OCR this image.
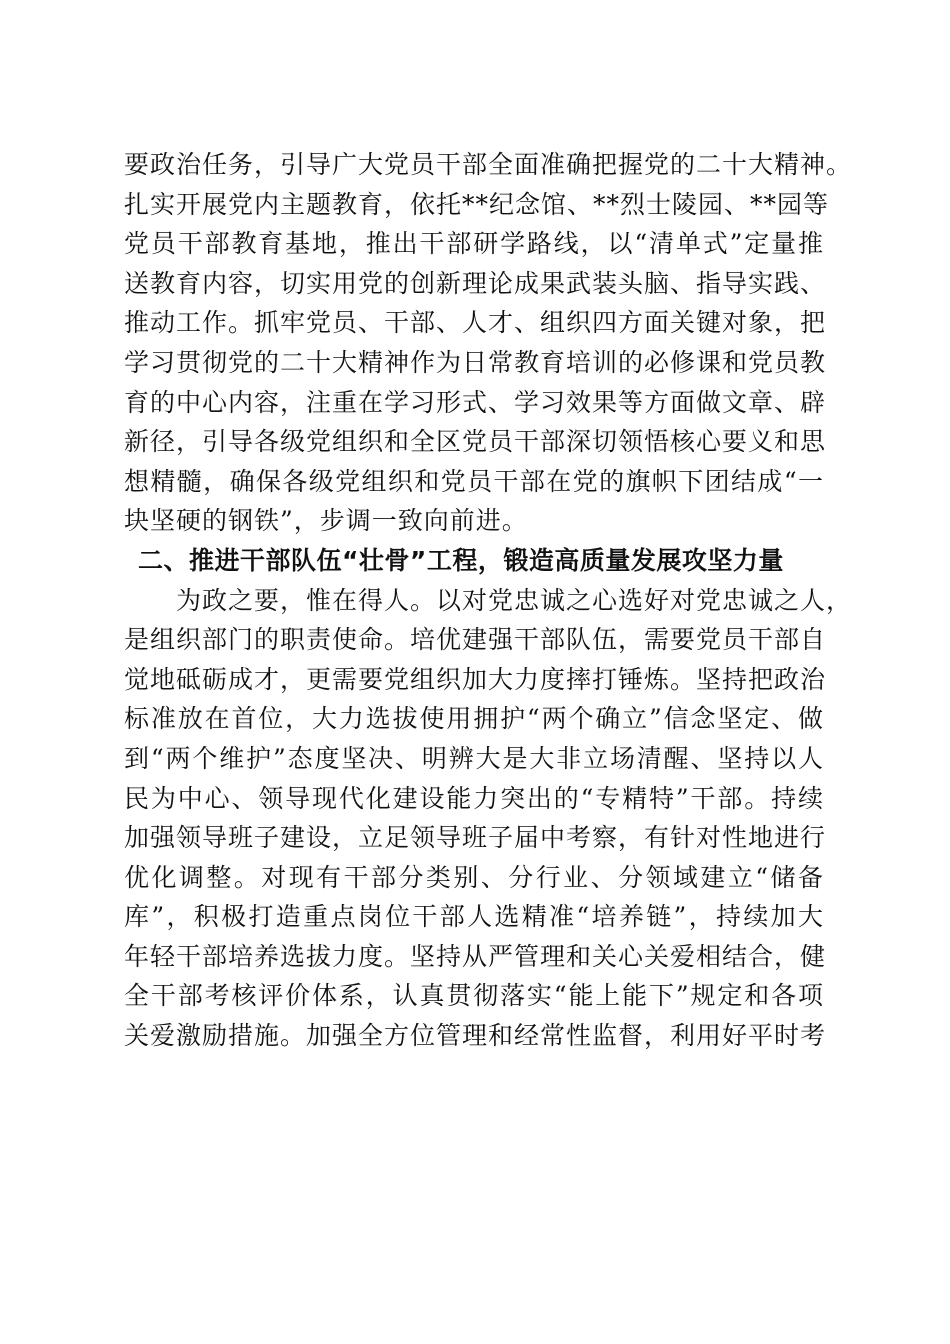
要政治任务，引导广大党员干部全面准确把握党的二十大精神。
扎实开展党内主题教育，依托**纪念馆、**烈士陵园、**园等
党员干部教育基地，推出干部研学路线，以“清单式”定量推
送教育内容，切实用党的创新理论成果武装头脑、指导实践、
推动工作。抓牢党员、干部、人才、组织四方面关键对象，把
学习贯彻党的二十大精神作为日常教育培训的必修课和党员教
育的中心内容，注重在学习形式、学习效果等方面做文章、辟
新径，引导各级党组织和全区党员干部深切领悟核心要义和思
想精髓，确保各级党组织和党员干部在党的旗帜下团结成“一
块坚硬的钢铁”，步调一致向前进。
二、推进干部队伍“壮骨”工程，锻造高质量发展攻坚力量
为政之要，惟在得人。以对党忠诚之心选好对党忠诚之人，
是组织部门的职责使命。培优建强干部队伍，需要党员干部自
觉地砥砺成才，更需要党组织加大力度摔打锤炼。坚持把政治
标准放在首位，大力选拔使用拥护“两个确立”信念坚定、做
到“两个维护”态度坚决、明辨大是大非立场清醒、坚持以人
民为中心、领导现代化建设能力突出的“专精特”干部。持续
加强领导班子建设，立足领导班子届中考察，有针对性地进行
优化调整。对现有干部分类别、分行业、分领域建立“储备
库”，积极打造重点岗位干部人选精准“培养链”，持续加大
年轻干部培养选拔力度。坚持从严管理和关心关爱相结合，健
全干部考核评价体系，认真贯彻落实“能上能下”规定和各项
关爱激励措施。加强全方位管理和经常性监督，利用好平时考
